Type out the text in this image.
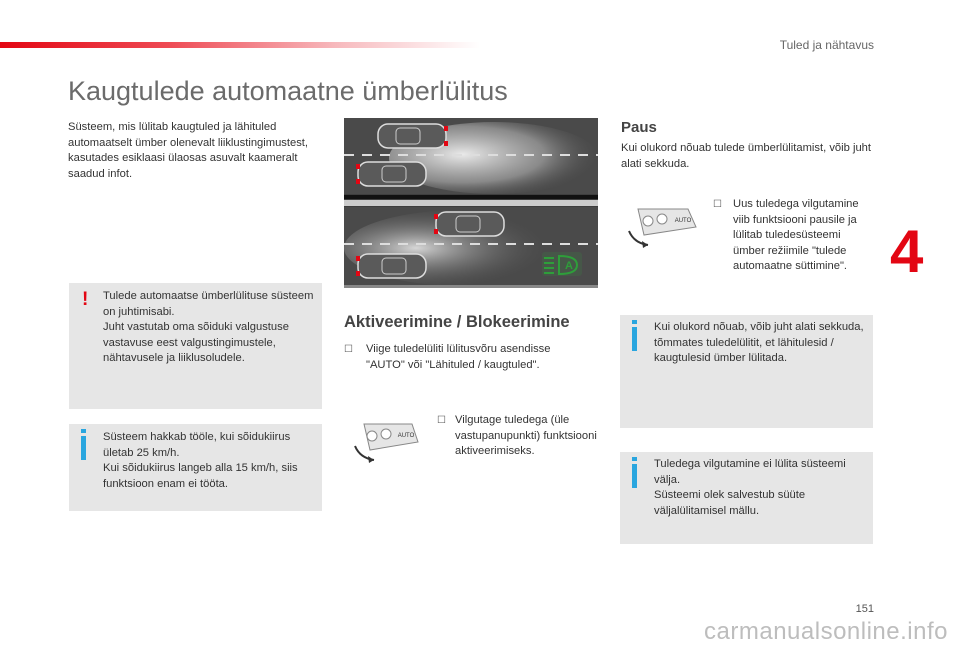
Tuled ja nähtavus
4
Kaugtulede automaatne ümberlülitus
Süsteem, mis lülitab kaugtuled ja lähituled automaatselt ümber olenevalt liiklustingimustest, kasutades esiklaasi ülaosas asuvalt kaameralt saadud infot.
! Tulede automaatse ümberlülituse süsteem on juhtimisabi.
Juht vastutab oma sõiduki valgustuse vastavuse eest valgustingimustele, nähtavusele ja liiklusoludele.
Süsteem hakkab tööle, kui sõidukiirus ületab 25 km/h.
Kui sõidukiirus langeb alla 15 km/h, siis funktsioon enam ei tööta.
A
Aktiveerimine / Blokeerimine
☐ Viige tuledelüliti lülitusvõru asendisse "AUTO" või "Lähituled / kaugtuled".
AUTO
☐ Vilgutage tuledega (üle vastupanupunkti) funktsiooni aktiveerimiseks.
Paus
Kui olukord nõuab tulede ümberlülitamist, võib juht alati sekkuda.
AUTO
☐ Uus tuledega vilgutamine viib funktsiooni pausile ja lülitab tuledesüsteemi ümber režiimile "tulede automaatne süttimine".
Kui olukord nõuab, võib juht alati sekkuda, tõmmates tuledelülitit, et lähitulesid / kaugtulesid ümber lülitada.
Tuledega vilgutamine ei lülita süsteemi välja.
Süsteemi olek salvestub süüte väljalülitamisel mällu.
151
carmanualsonline.info
